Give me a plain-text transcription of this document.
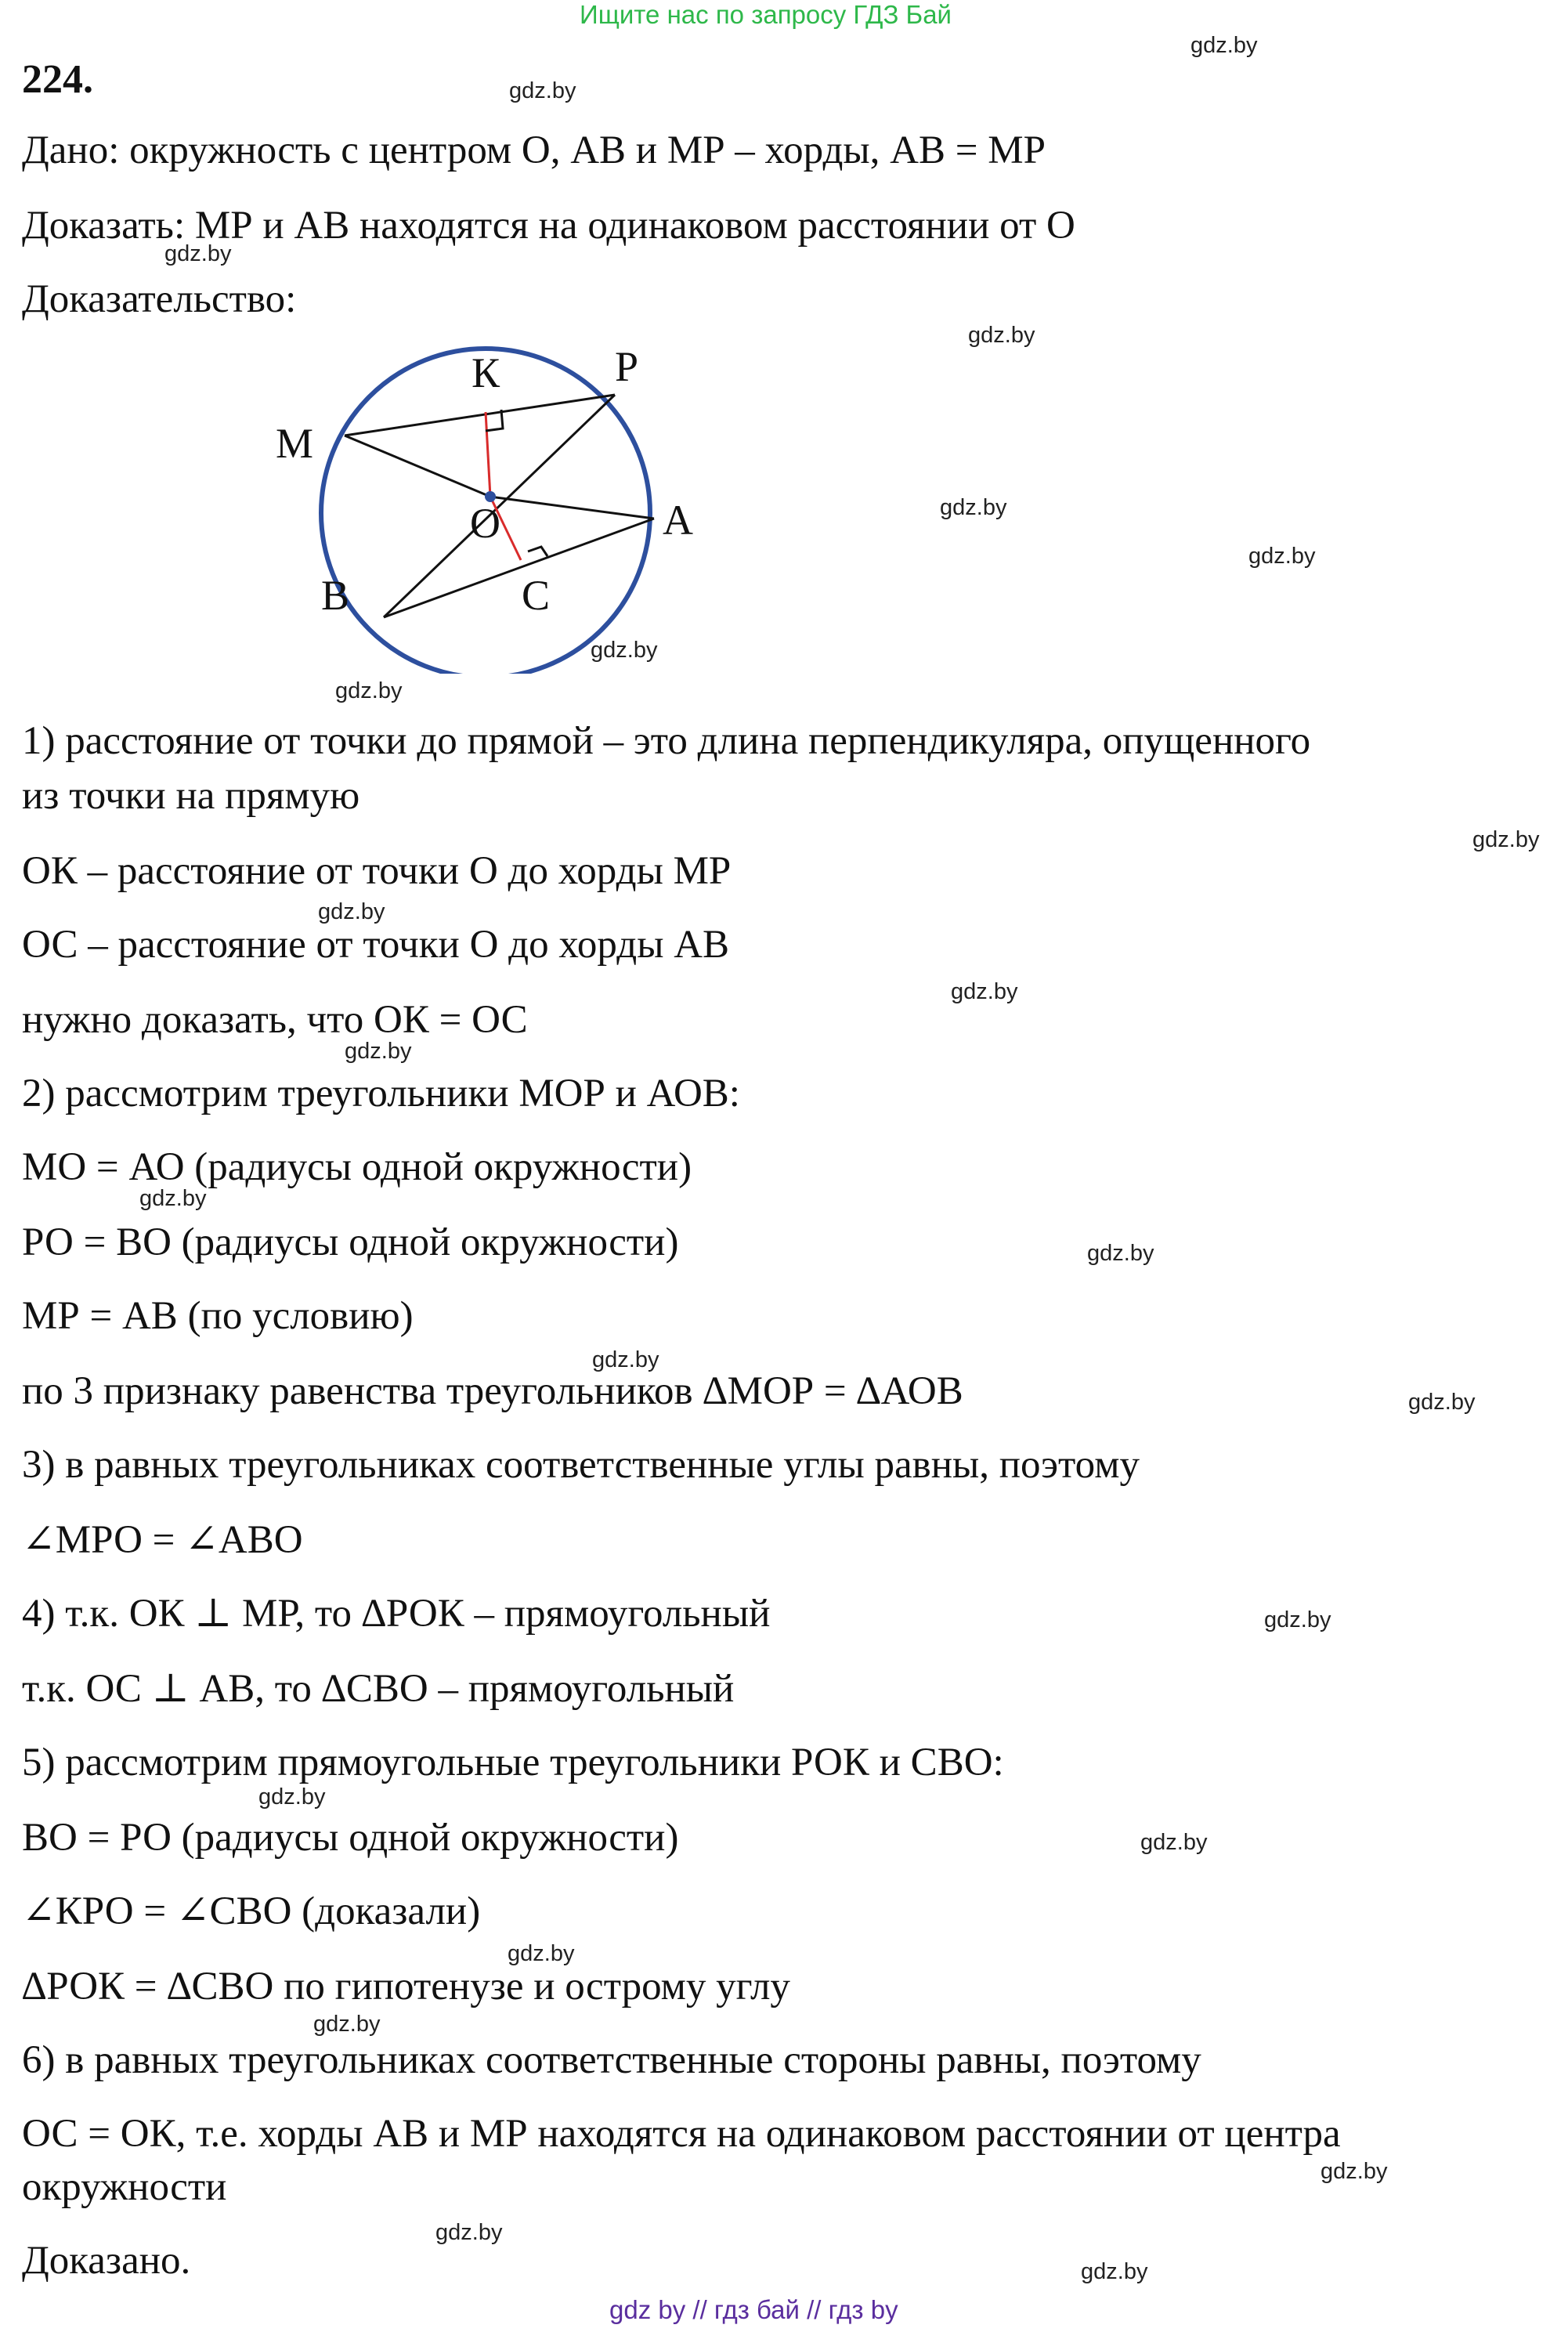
Ищите нас по запросу ГДЗ Бай
224.
Дано: окружность с центром О, АВ и МР – хорды, АВ = МР
Доказать: МР и АВ находятся на одинаковом расстоянии от О
Доказательство:
К	Р
М
О	А
В	С
1) расстояние от точки до прямой – это длина перпендикуляра, опущенного
из точки на прямую
ОК – расстояние от точки О до хорды МР
ОС – расстояние от точки О до хорды АВ
нужно доказать, что ОК = ОС
2) рассмотрим треугольники МОР и АОВ:
МО = АО (радиусы одной окружности)
РО = ВО (радиусы одной окружности)
МР = АВ (по условию)
по 3 признаку равенства треугольников ∆МОР = ∆АОВ
3) в равных треугольниках соответственные углы равны, поэтому
∠МРО = ∠АВО
4) т.к. ОК ⊥ МР, то ∆РОК – прямоугольный
т.к. ОС ⊥ АВ, то ∆СВО – прямоугольный
5) рассмотрим прямоугольные треугольники РОК и СВО:
ВО = РО (радиусы одной окружности)
∠КРО = ∠СВО (доказали)
∆РОК = ∆СВО по гипотенузе и острому углу
6) в равных треугольниках соответственные стороны равны, поэтому
ОС = ОК, т.е. хорды АВ и МР находятся на одинаковом расстоянии от центра
окружности
Доказано.
gdz.by
gdz.by
gdz.by
gdz.by
gdz.by
gdz.by
gdz.by
gdz.by
gdz.by
gdz.by
gdz.by
gdz.by
gdz.by
gdz.by
gdz.by
gdz.by
gdz.by
gdz.by
gdz.by
gdz.by
gdz.by
gdz.by
gdz.by
gdz.by
gdz by // гдз бай // гдз by
